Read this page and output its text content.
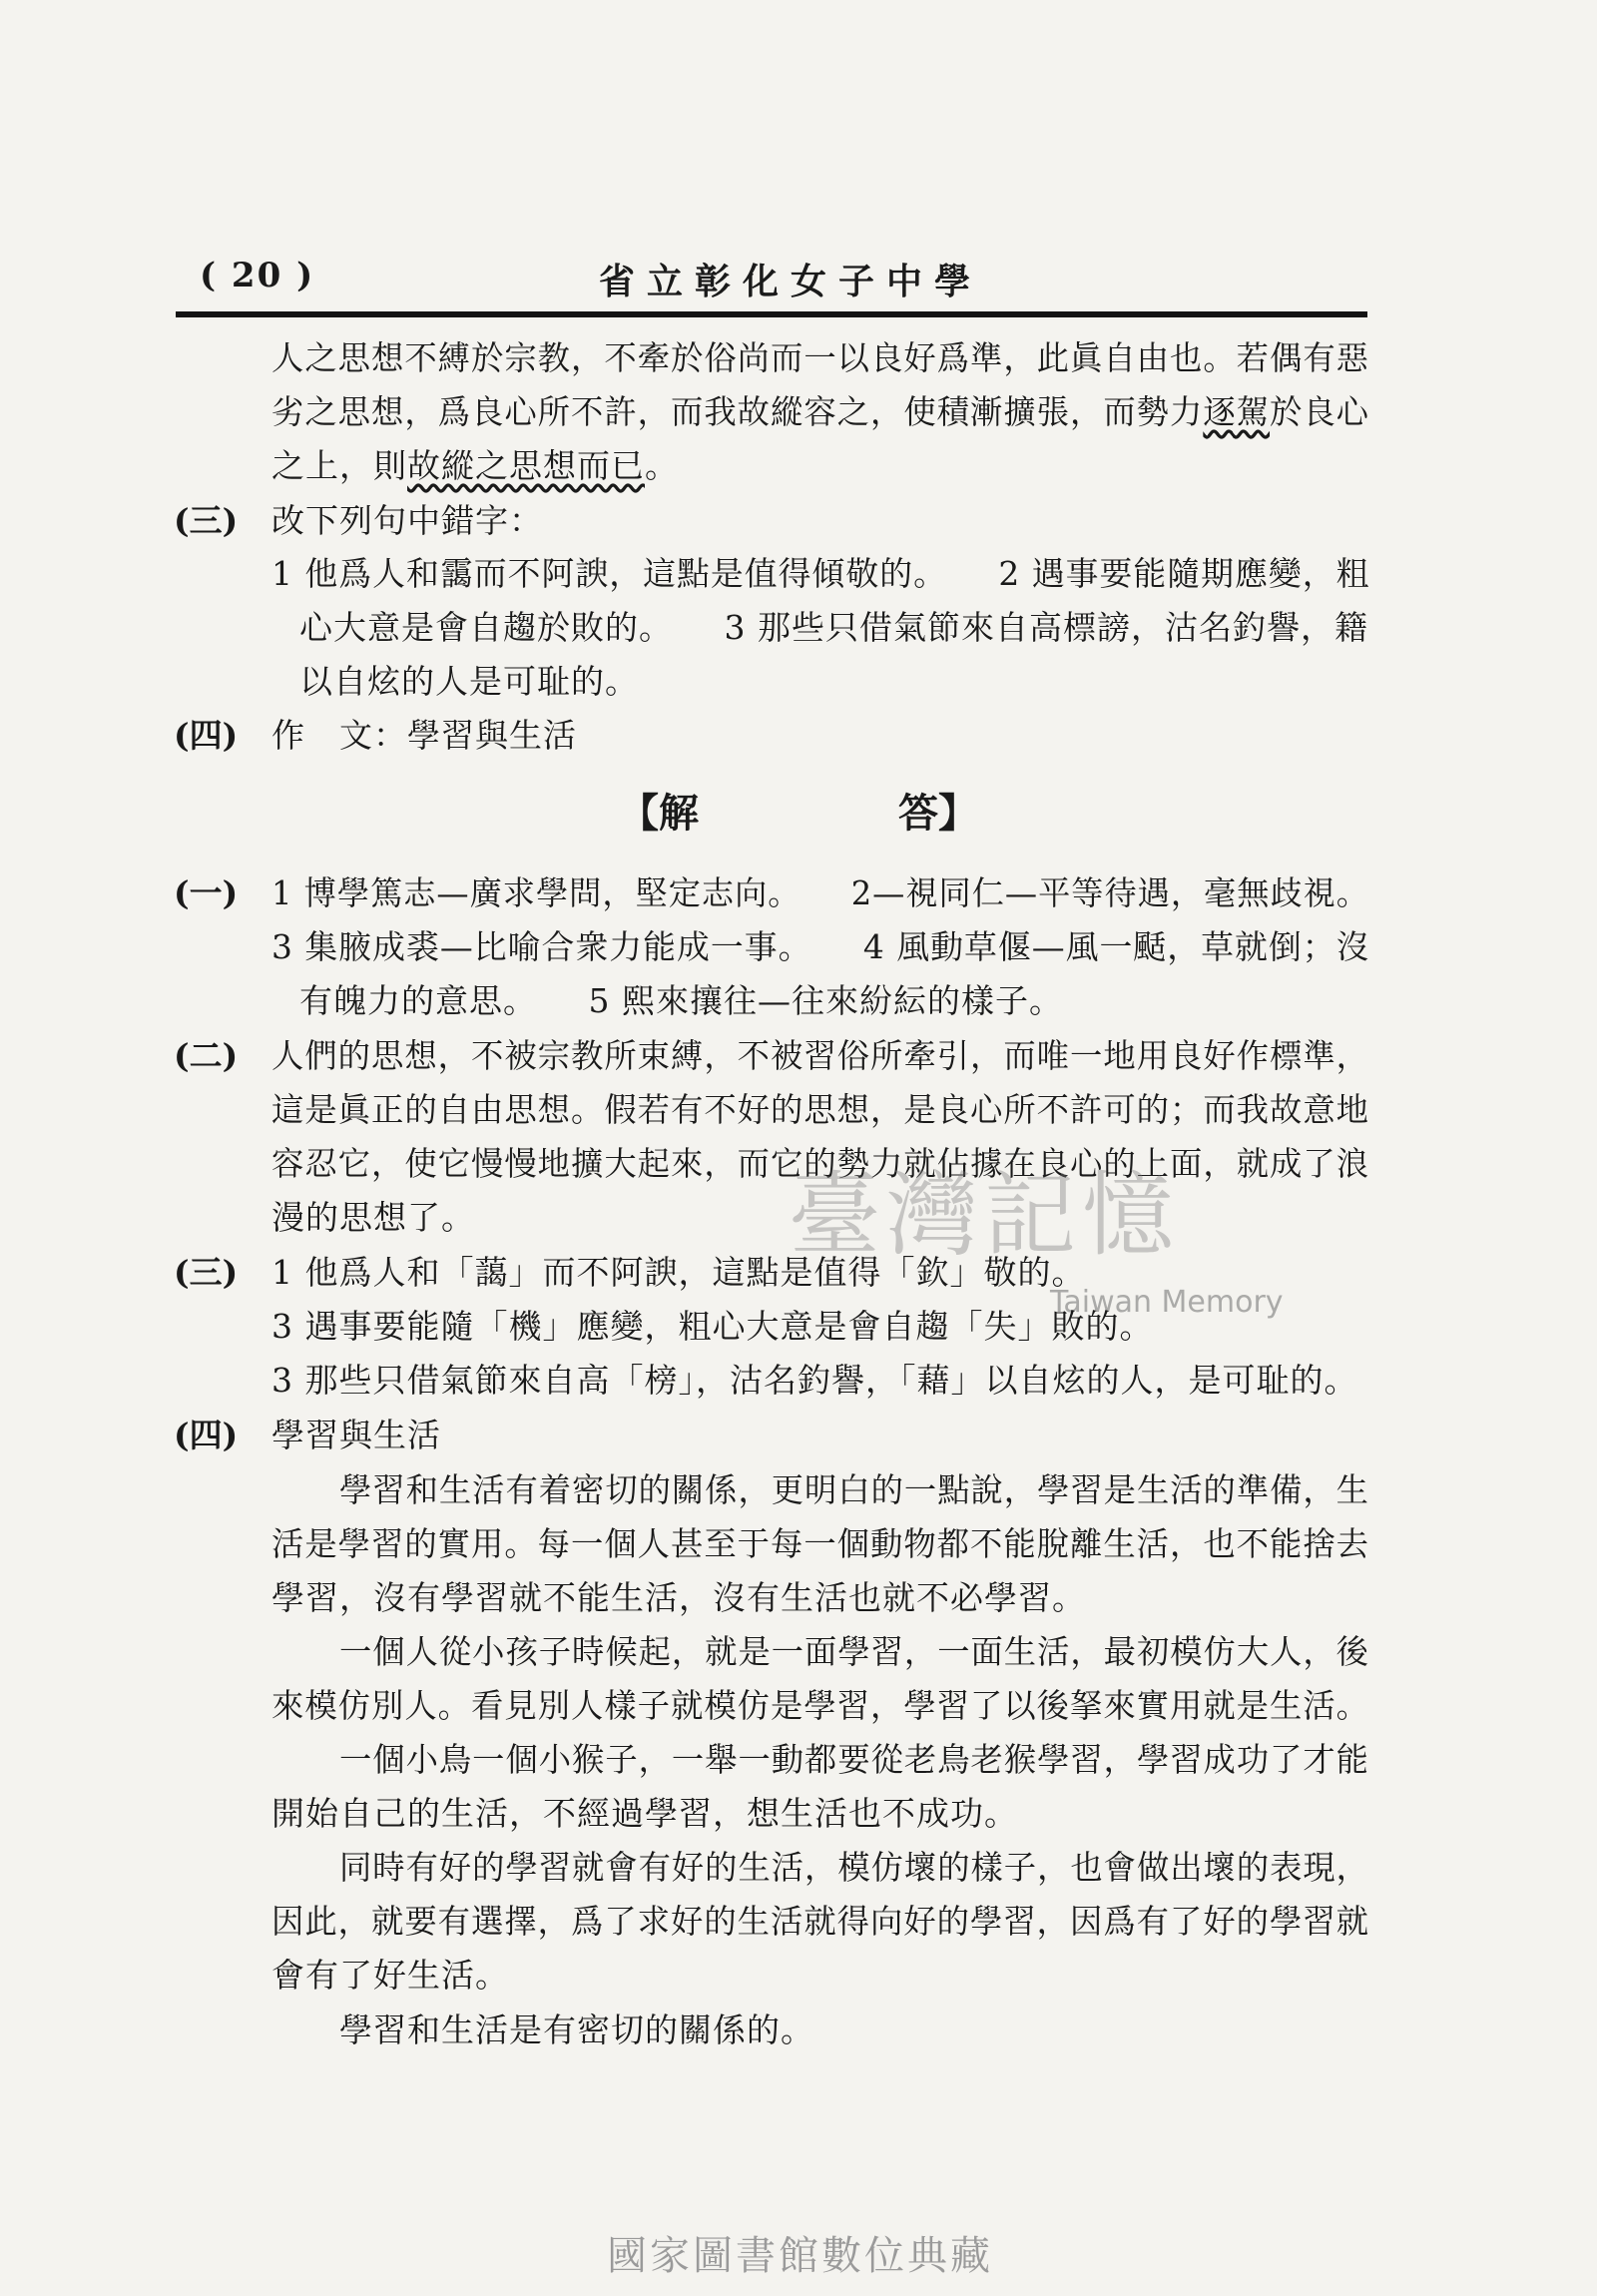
( 20 )	省立彰化女子中學
人之思想不縛於宗教，不牽於俗尚而一以良好爲準，此眞自由也。若偶有惡
劣之思想，爲良心所不許，而我故縱容之，使積漸擴張，而勢力逐駕於良心
之上，則故縱之思想而已。
(三) 改下列句中錯字：
1 他爲人和靄而不阿諛，這點是值得傾敬的。　　2 遇事要能隨期應變，粗
心大意是會自趨於敗的。　　3 那些只借氣節來自高標謗，沽名釣譽，籍
以自炫的人是可耻的。
(四) 作　文：學習與生活
【解	答】
(一) 1 博學篤志—廣求學問，堅定志向。　　2—視同仁—平等待遇，毫無歧視。
3 集腋成裘—比喻合衆力能成一事。　　4 風動草偃—風一颳，草就倒；沒
有魄力的意思。　　5 熙來攘往—往來紛紜的樣子。
(二) 人們的思想，不被宗教所束縛，不被習俗所牽引，而唯一地用良好作標準，
這是眞正的自由思想。假若有不好的思想，是良心所不許可的；而我故意地
容忍它，使它慢慢地擴大起來，而它的勢力就佔據在良心的上面，就成了浪
漫的思想了。	臺灣記憶
Taiwan Memory
(三) 1 他爲人和「藹」而不阿諛，這點是值得「欽」敬的。
3 遇事要能隨「機」應變，粗心大意是會自趨「失」敗的。
3 那些只借氣節來自高「榜」，沽名釣譽，「藉」以自炫的人，是可耻的。
(四) 學習與生活
學習和生活有着密切的關係，更明白的一點說，學習是生活的準備，生
活是學習的實用。每一個人甚至于每一個動物都不能脫離生活，也不能捨去
學習，沒有學習就不能生活，沒有生活也就不必學習。
一個人從小孩子時候起，就是一面學習，一面生活，最初模仿大人，後
來模仿別人。看見別人樣子就模仿是學習，學習了以後拏來實用就是生活。
一個小鳥一個小猴子，一舉一動都要從老鳥老猴學習，學習成功了才能
開始自己的生活，不經過學習，想生活也不成功。
同時有好的學習就會有好的生活，模仿壞的樣子，也會做出壞的表現，
因此，就要有選擇，爲了求好的生活就得向好的學習，因爲有了好的學習就
會有了好生活。
學習和生活是有密切的關係的。
國家圖書館數位典藏
